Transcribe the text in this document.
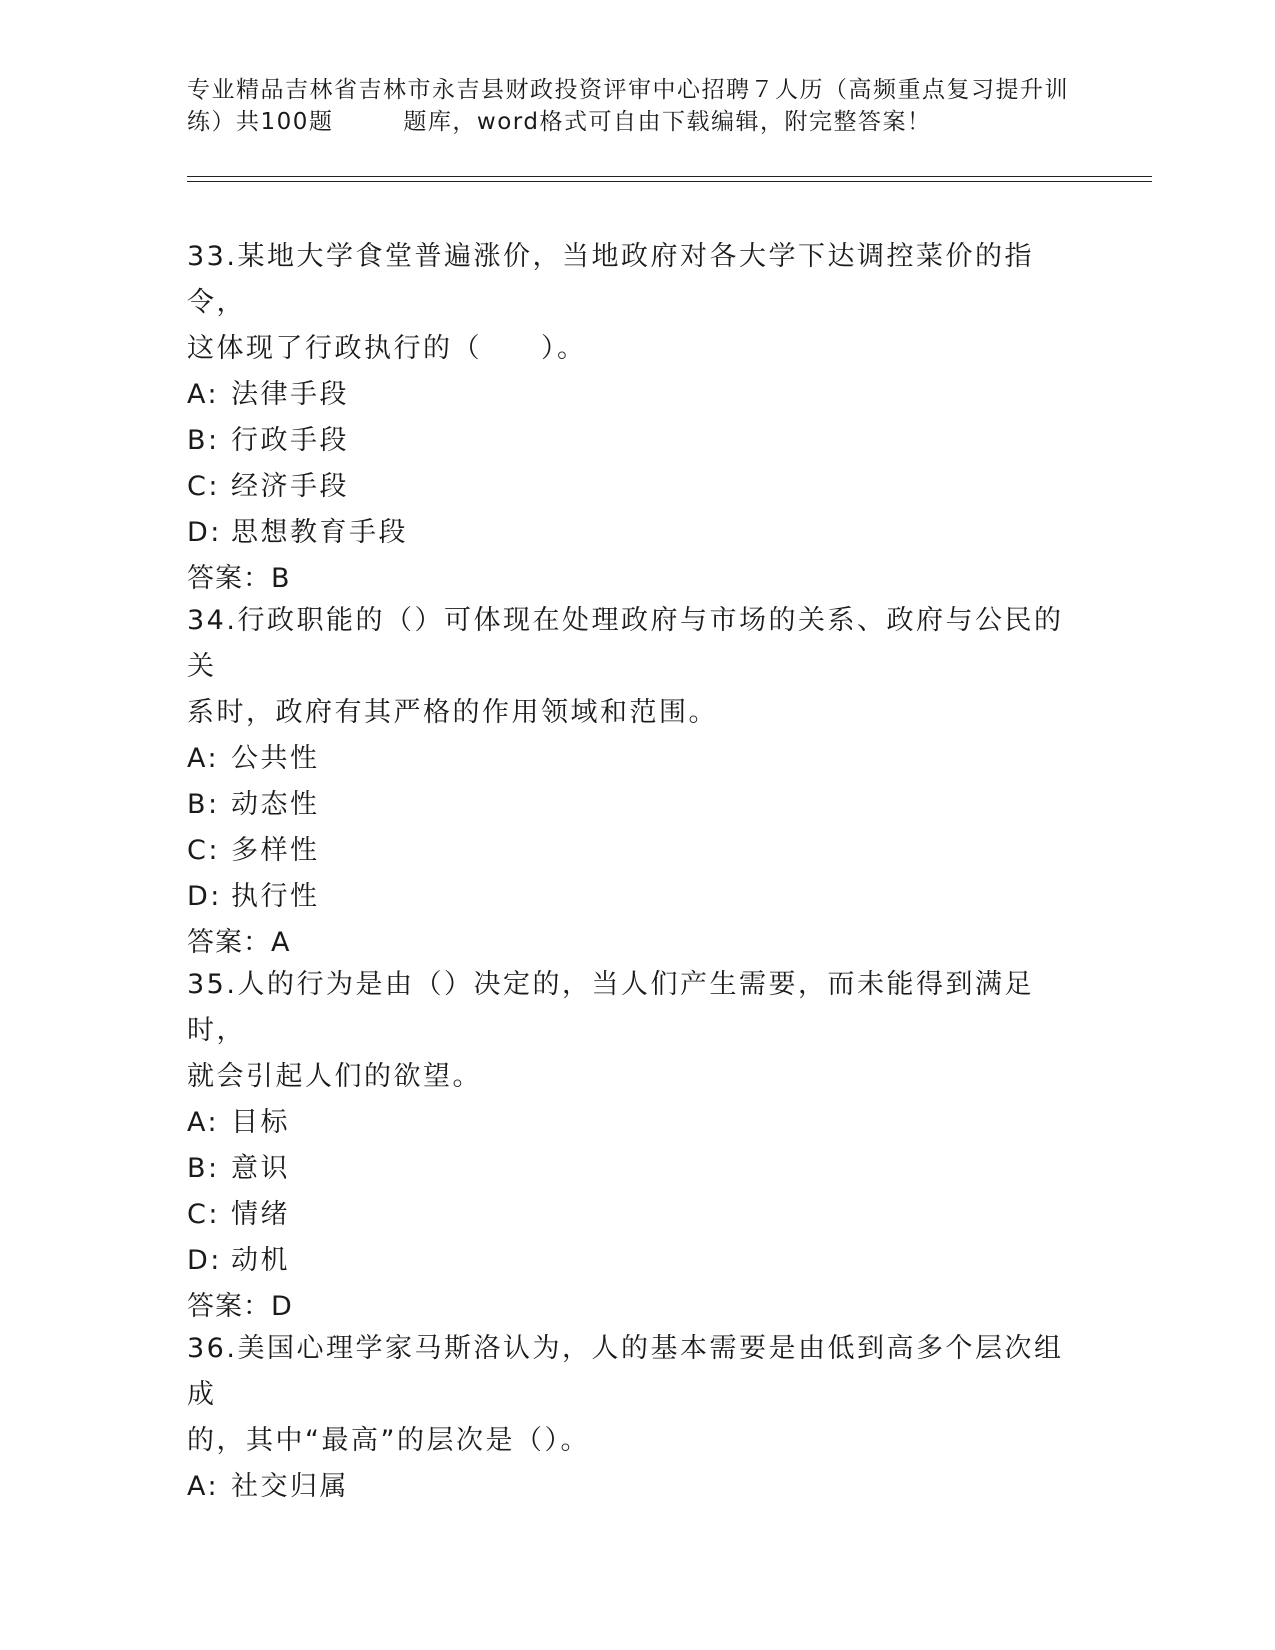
专业精品吉林省吉林市永吉县财政投资评审中心招聘７人历（高频重点复习提升训
练）共100题	题库，word格式可自由下载编辑，附完整答案！

33.某地大学食堂普遍涨价，当地政府对各大学下达调控菜价的指令，
这体现了行政执行的（　　）。

A: 法律手段
B: 行政手段
C: 经济手段
D: 思想教育手段

答案：B

34.行政职能的（）可体现在处理政府与市场的关系、政府与公民的关
系时，政府有其严格的作用领域和范围。

A: 公共性
B: 动态性
C: 多样性
D: 执行性

答案：A

35.人的行为是由（）决定的，当人们产生需要，而未能得到满足时，
就会引起人们的欲望。

A: 目标
B: 意识
C: 情绪
D: 动机

答案：D

36.美国心理学家马斯洛认为，人的基本需要是由低到高多个层次组成
的，其中“最高”的层次是（）。

A: 社交归属
